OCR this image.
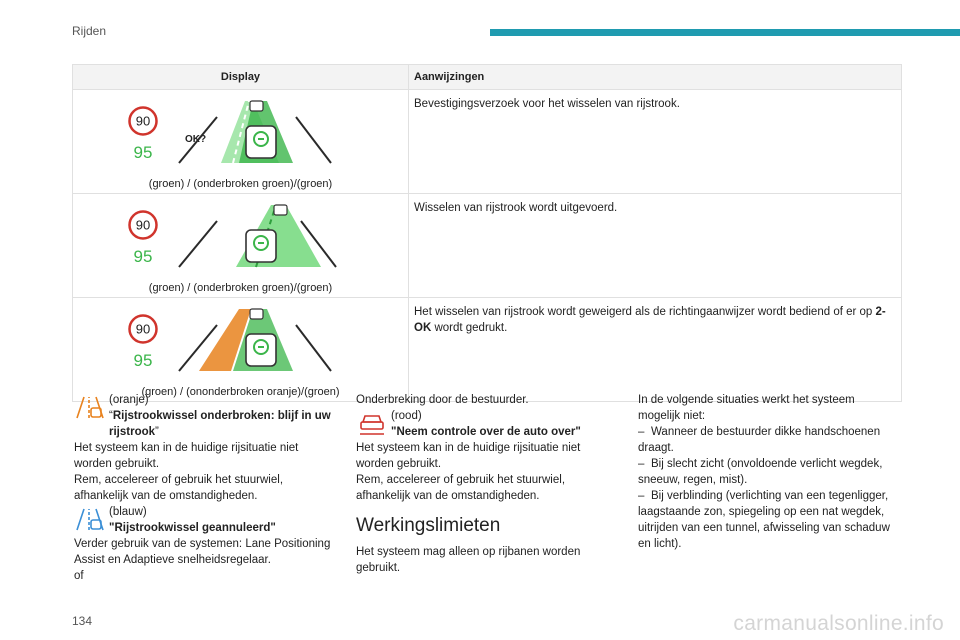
Rijden
Display	Aanwijzingen

90
95
OK?
(groen) / (onderbroken groen)/(groen)	Bevestigingsverzoek voor het wisselen van rijstrook.

90
95
(groen) / (onderbroken groen)/(groen)	Wisselen van rijstrook wordt uitgevoerd.

90
95
(groen) / (ononderbroken oranje)/(groen)	Het wisselen van rijstrook wordt geweigerd als de richtingaanwijzer wordt bediend of er op 2-OK wordt gedrukt.

(oranje)

“Rijstrookwissel onderbroken: blijf in uw rijstrook”

Het systeem kan in de huidige rijsituatie niet worden gebruikt.

Rem, accelereer of gebruik het stuurwiel, afhankelijk van de omstandigheden.

(blauw)

"Rijstrookwissel geannuleerd"

Verder gebruik van de systemen: Lane Positioning Assist en Adaptieve snelheidsregelaar.

of

Onderbreking door de bestuurder.

(rood)

"Neem controle over de auto over"

Het systeem kan in de huidige rijsituatie niet worden gebruikt.

Rem, accelereer of gebruik het stuurwiel, afhankelijk van de omstandigheden.

Werkingslimieten

Het systeem mag alleen op rijbanen worden gebruikt.

In de volgende situaties werkt het systeem mogelijk niet:

– Wanneer de bestuurder dikke handschoenen draagt.

– Bij slecht zicht (onvoldoende verlicht wegdek, sneeuw, regen, mist).

– Bij verblinding (verlichting van een tegenligger, laagstaande zon, spiegeling op een nat wegdek, uitrijden van een tunnel, afwisseling van schaduw en licht).

134	carmanualsonline.info
